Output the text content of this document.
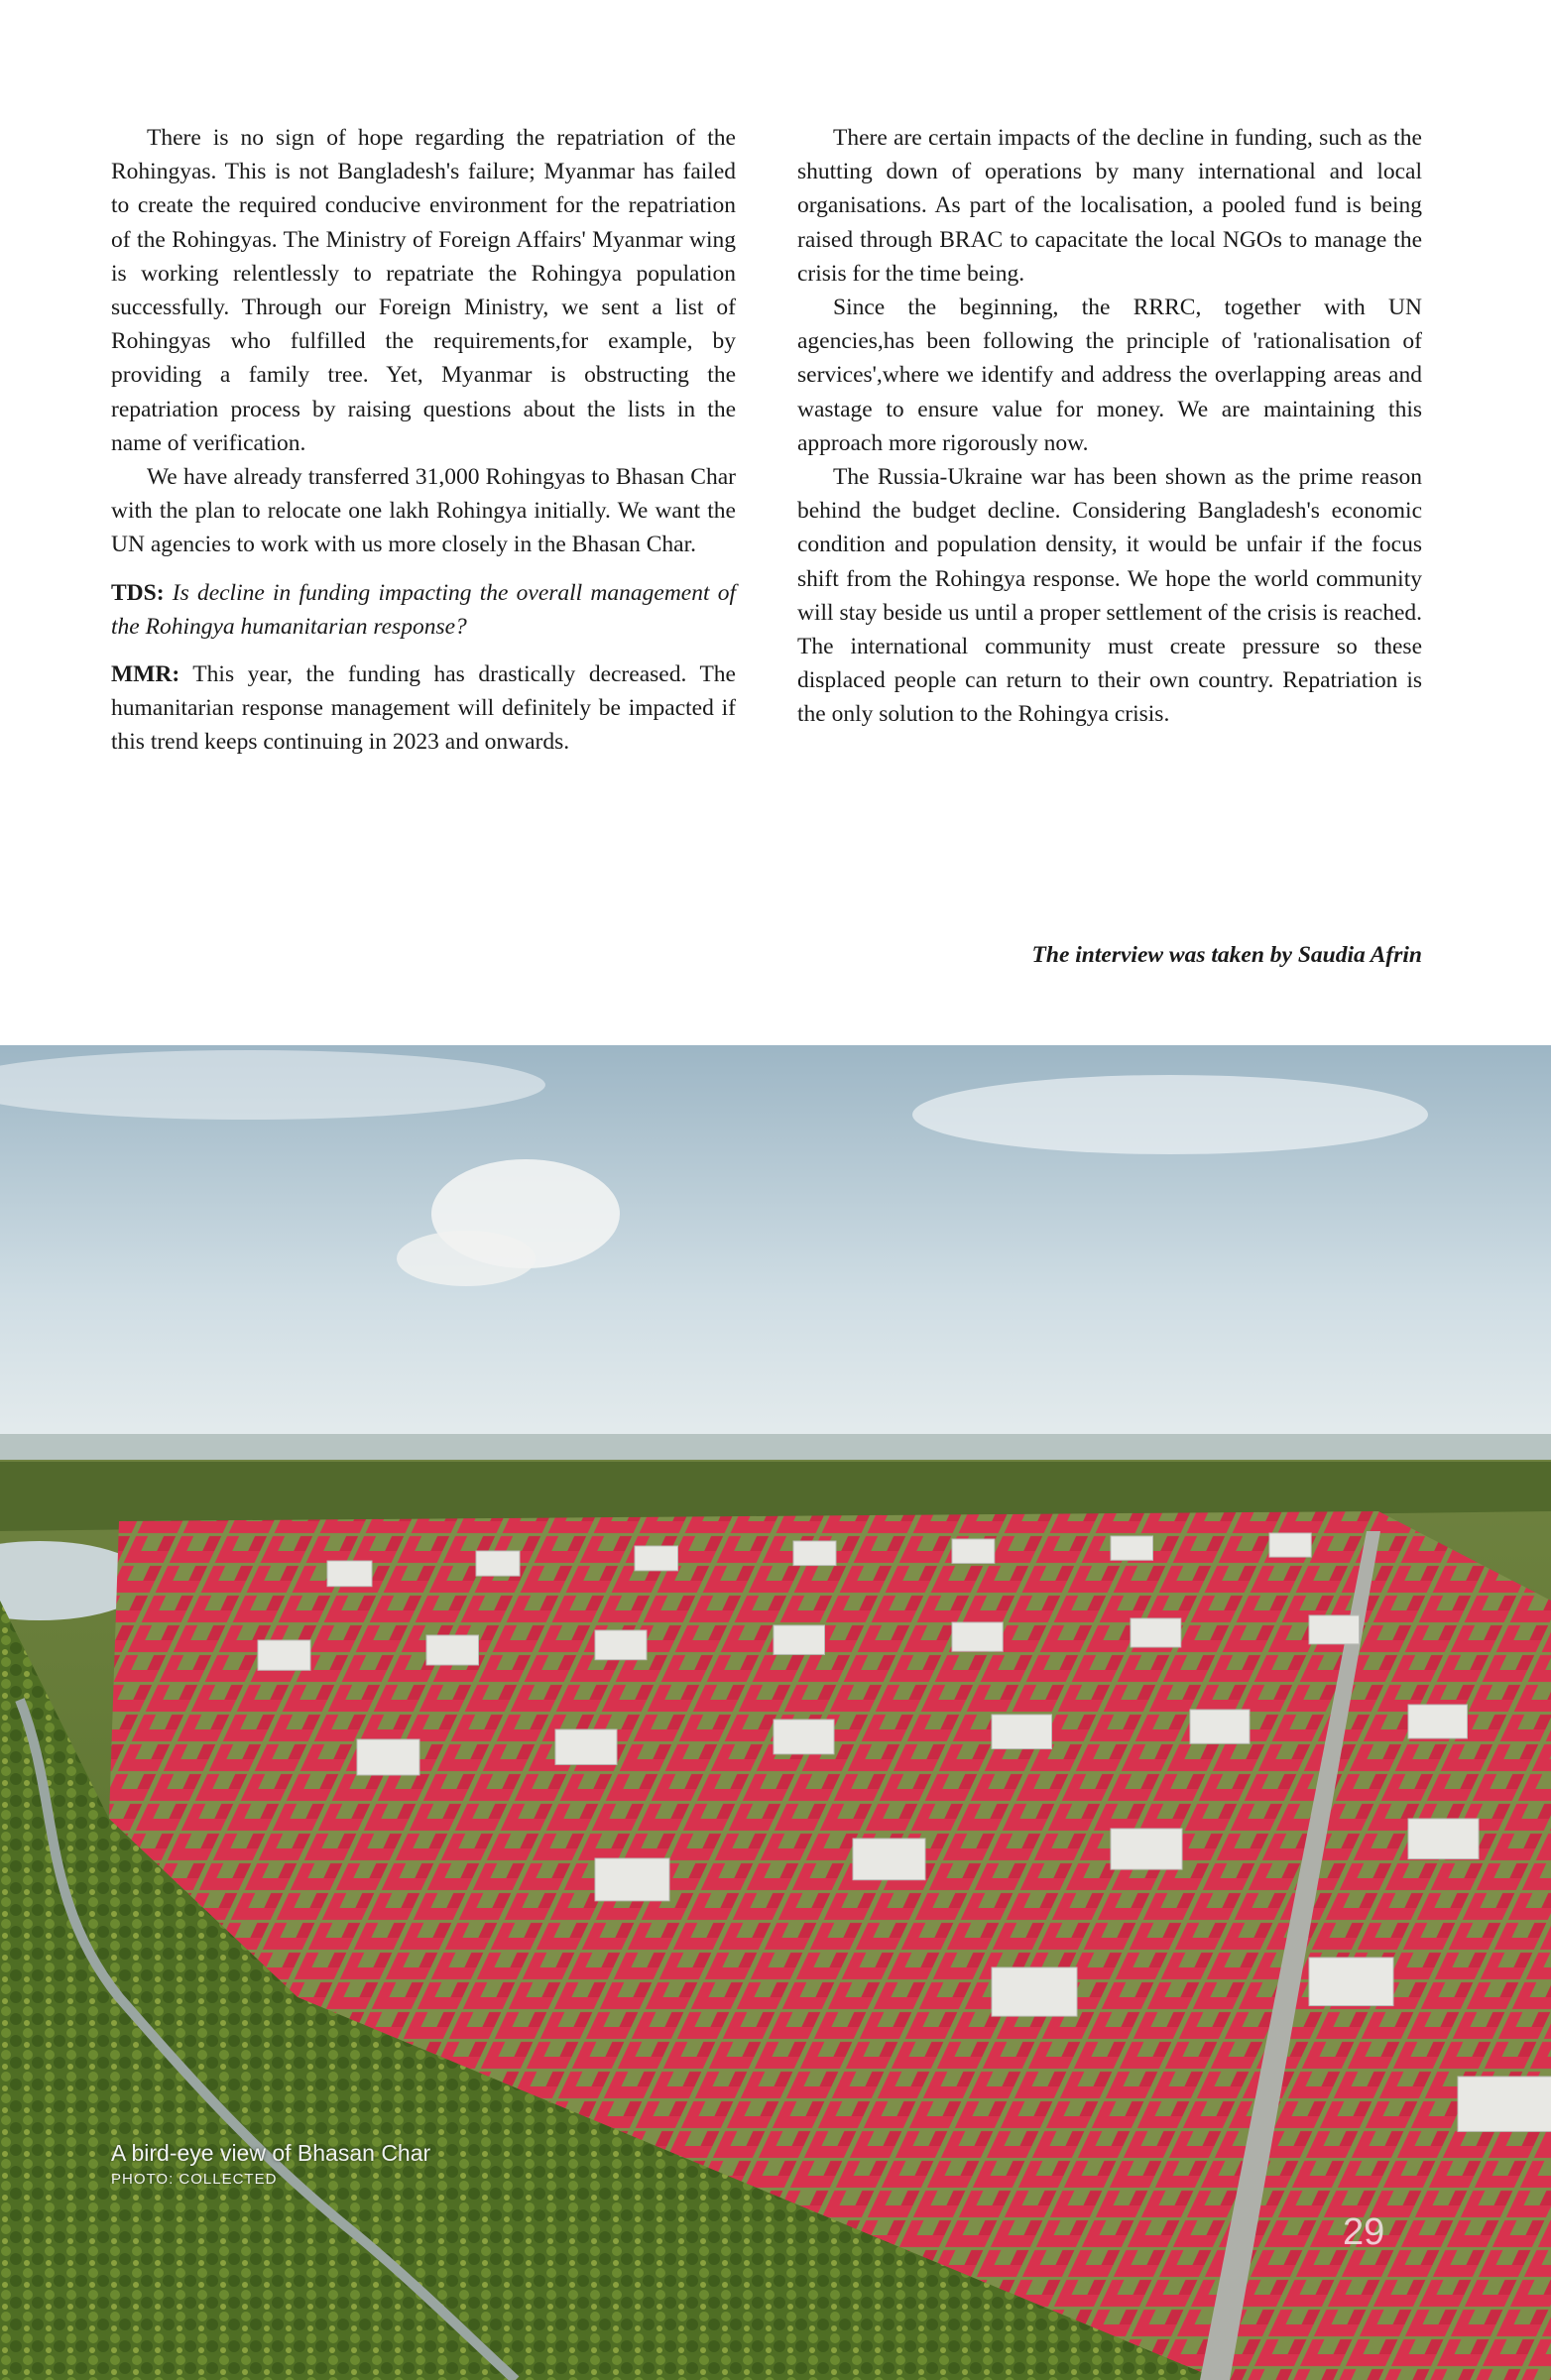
There is no sign of hope regarding the repatriation of the Rohingyas. This is not Bangladesh's failure; Myanmar has failed to create the required conducive environment for the repatriation of the Rohingyas. The Ministry of Foreign Affairs' Myanmar wing is working relentlessly to repatriate the Rohingya population successfully. Through our Foreign Ministry, we sent a list of Rohingyas who fulfilled the requirements,for example, by providing a family tree. Yet, Myanmar is obstructing the repatriation process by raising questions about the lists in the name of verification.

We have already transferred 31,000 Rohingyas to Bhasan Char with the plan to relocate one lakh Rohingya initially. We want the UN agencies to work with us more closely in the Bhasan Char.

TDS: Is decline in funding impacting the overall management of the Rohingya humanitarian response?

MMR: This year, the funding has drastically decreased. The humanitarian response management will definitely be impacted if this trend keeps continuing in 2023 and onwards.

There are certain impacts of the decline in funding, such as the shutting down of operations by many international and local organisations. As part of the localisation, a pooled fund is being raised through BRAC to capacitate the local NGOs to manage the crisis for the time being.

Since the beginning, the RRRC, together with UN agencies,has been following the principle of 'rationalisation of services',where we identify and address the overlapping areas and wastage to ensure value for money. We are maintaining this approach more rigorously now.

The Russia-Ukraine war has been shown as the prime reason behind the budget decline. Considering Bangladesh's economic condition and population density, it would be unfair if the focus shift from the Rohingya response. We hope the world community will stay beside us until a proper settlement of the crisis is reached. The international community must create pressure so these displaced people can return to their own country. Repatriation is the only solution to the Rohingya crisis.

The interview was taken by Saudia Afrin
A bird-eye view of Bhasan Char
PHOTO: COLLECTED
29
